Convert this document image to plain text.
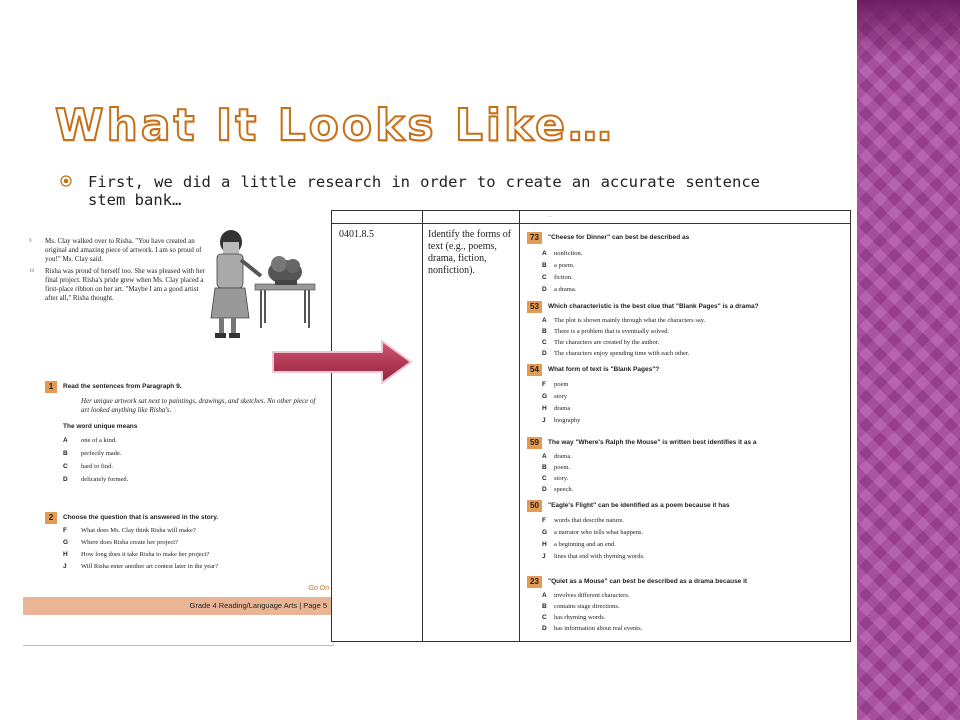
What It Looks Like…
First, we did a little research in order to create an accurate sentence stem bank…
9 Ms. Clay walked over to Risha. "You have created an original and amazing piece of artwork. I am so proud of you!" Ms. Clay said.
10 Risha was proud of herself too. She was pleased with her final project. Risha's pride grew when Ms. Clay placed a first-place ribbon on her art. "Maybe I am a good artist after all," Risha thought.
1	Read the sentences from Paragraph 9.
Her unique artwork sat next to paintings, drawings, and sketches. No other piece of art looked anything like Risha's.
The word unique means
A one of a kind.
B perfectly made.
C hard to find.
D delicately formed.
2	Choose the question that is answered in the story.
F What does Ms. Clay think Risha will make?
G Where does Risha create her project?
H How long does it take Risha to make her project?
J Will Risha enter another art contest later in the year?
Go On
Grade 4 Reading/Language Arts | Page 5
...
0401.8.5	Identify the forms of text (e.g., poems, drama, fiction, nonfiction).
73	"Cheese for Dinner" can best be described as
A nonfiction.
B a poem.
C fiction.
D a drama.
53	Which characteristic is the best clue that "Blank Pages" is a drama?
A The plot is shown mainly through what the characters say.
B There is a problem that is eventually solved.
C The characters are created by the author.
D The characters enjoy spending time with each other.
54	What form of text is "Blank Pages"?
F poem
G story
H drama
J biography
59	The way "Where's Ralph the Mouse" is written best identifies it as a
A drama.
B poem.
C story.
D speech.
50	"Eagle's Flight" can be identified as a poem because it has
F words that describe nature.
G a narrator who tells what happens.
H a beginning and an end.
J lines that end with rhyming words.
23	"Quiet as a Mouse" can best be described as a drama because it
A involves different characters.
B contains stage directions.
C has rhyming words.
D has information about real events.
